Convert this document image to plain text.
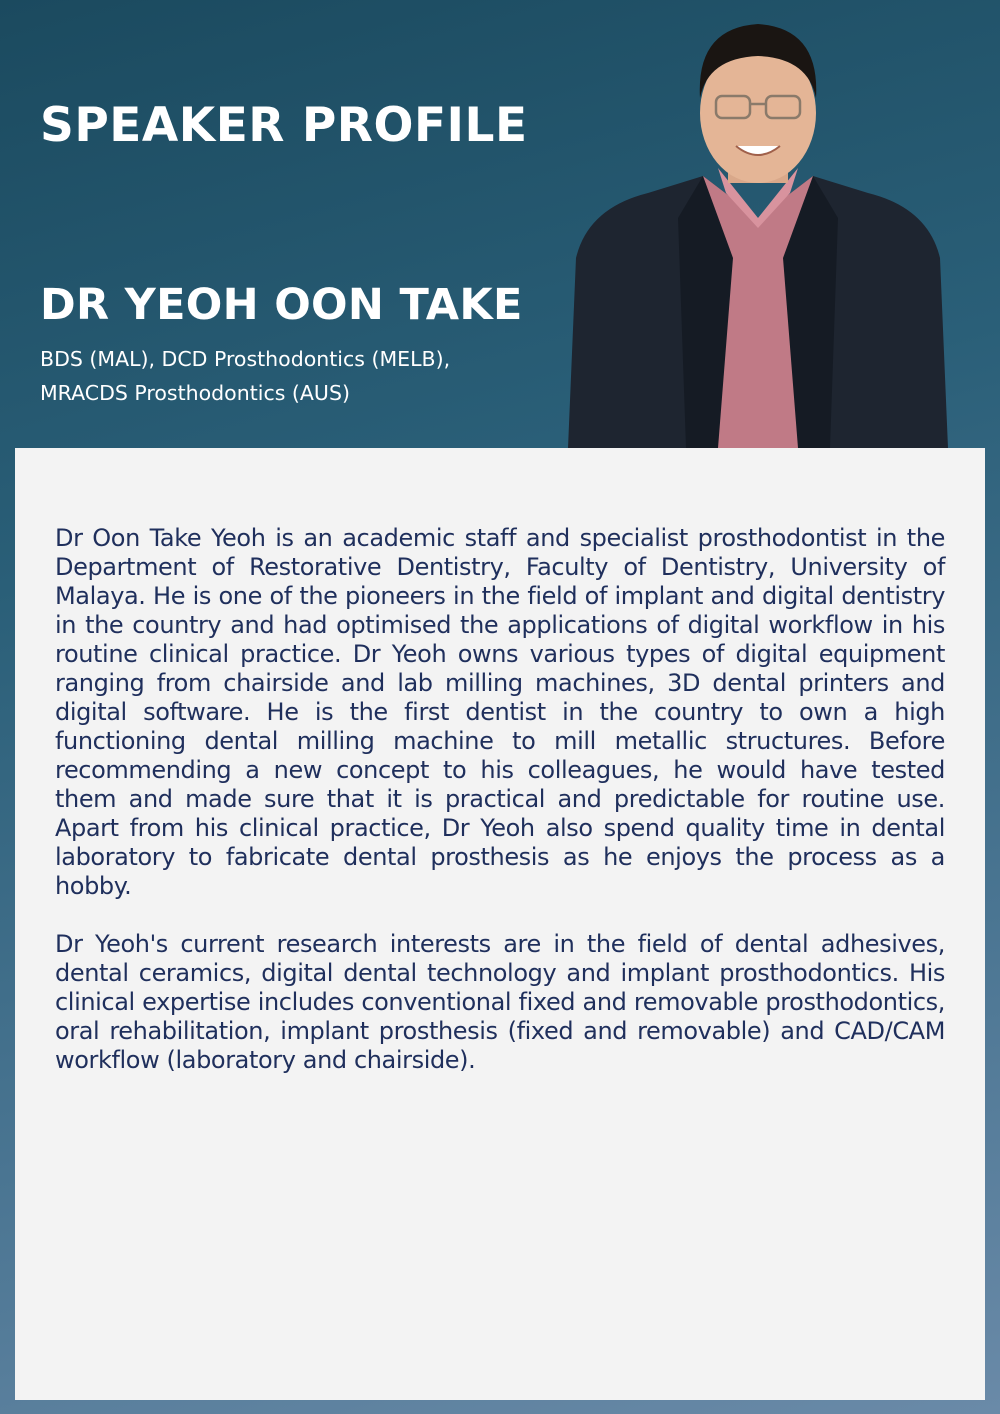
SPEAKER PROFILE
DR YEOH OON TAKE
BDS (MAL), DCD Prosthodontics (MELB),
MRACDS Prosthodontics (AUS)

Dr Oon Take Yeoh is an academic staff and specialist prosthodontist in the Department of Restorative Dentistry, Faculty of Dentistry, University of Malaya. He is one of the pioneers in the field of implant and digital dentistry in the country and had optimised the applications of digital workflow in his routine clinical practice. Dr Yeoh owns various types of digital equipment ranging from chairside and lab milling machines, 3D dental printers and digital software. He is the first dentist in the country to own a high functioning dental milling machine to mill metallic structures. Before recommending a new concept to his colleagues, he would have tested them and made sure that it is practical and predictable for routine use. Apart from his clinical practice, Dr Yeoh also spend quality time in dental laboratory to fabricate dental prosthesis as he enjoys the process as a hobby.

Dr Yeoh's current research interests are in the field of dental adhesives, dental ceramics, digital dental technology and implant prosthodontics. His clinical expertise includes conventional fixed and removable prosthodontics, oral rehabilitation, implant prosthesis (fixed and removable) and CAD/CAM workflow (laboratory and chairside).
